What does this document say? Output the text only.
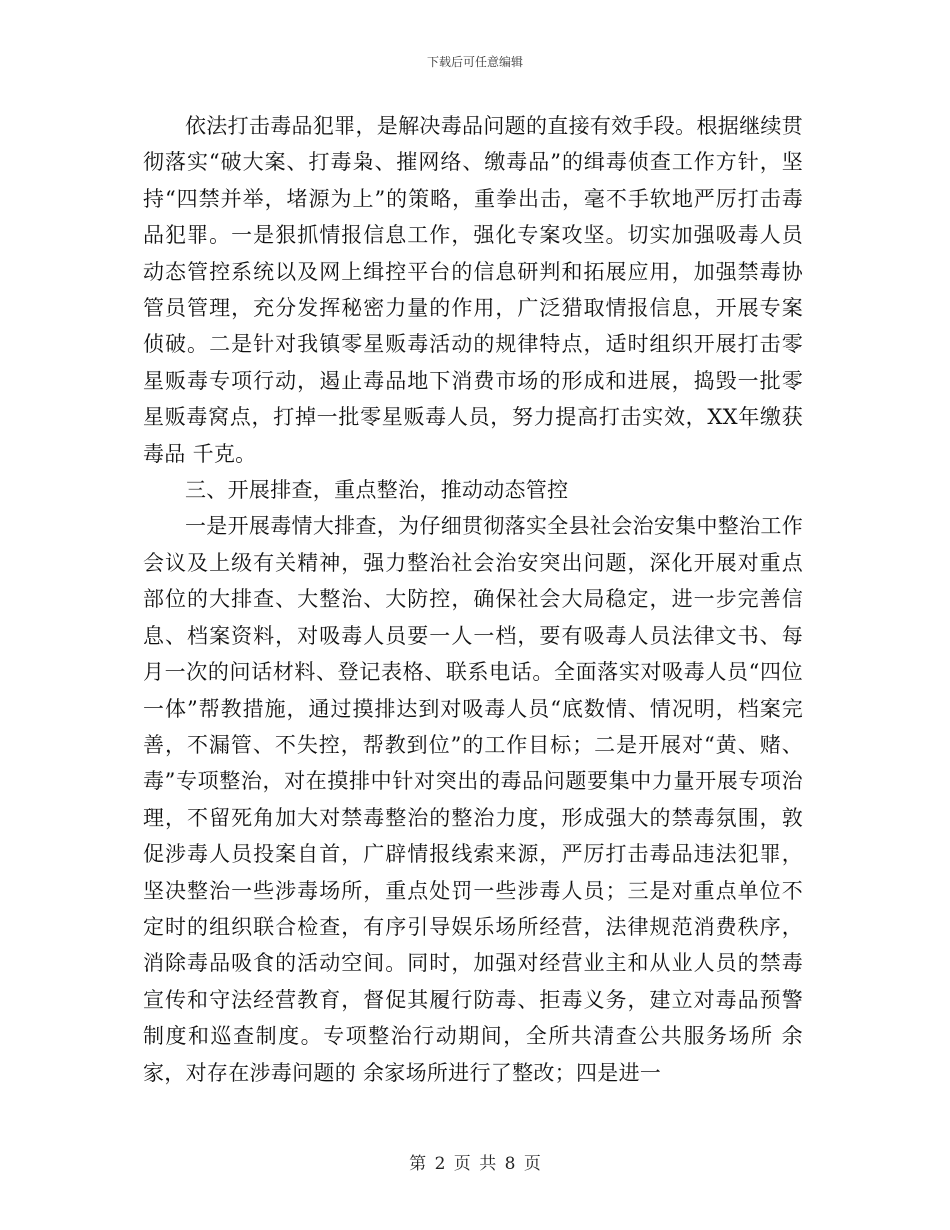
下载后可任意编辑

依法打击毒品犯罪，是解决毒品问题的直接有效手段。根据继续贯彻落实“破大案、打毒枭、摧网络、缴毒品”的缉毒侦查工作方针，坚持“四禁并举，堵源为上”的策略，重拳出击，毫不手软地严厉打击毒品犯罪。一是狠抓情报信息工作，强化专案攻坚。切实加强吸毒人员动态管控系统以及网上缉控平台的信息研判和拓展应用，加强禁毒协管员管理，充分发挥秘密力量的作用，广泛猎取情报信息，开展专案侦破。二是针对我镇零星贩毒活动的规律特点，适时组织开展打击零星贩毒专项行动，遏止毒品地下消费市场的形成和进展，捣毁一批零星贩毒窝点，打掉一批零星贩毒人员，努力提高打击实效，XX年缴获毒品 千克。

三、开展排查，重点整治，推动动态管控

一是开展毒情大排查，为仔细贯彻落实全县社会治安集中整治工作会议及上级有关精神，强力整治社会治安突出问题，深化开展对重点部位的大排查、大整治、大防控，确保社会大局稳定，进一步完善信息、档案资料，对吸毒人员要一人一档，要有吸毒人员法律文书、每月一次的问话材料、登记表格、联系电话。全面落实对吸毒人员“四位一体”帮教措施，通过摸排达到对吸毒人员“底数情、情况明，档案完善，不漏管、不失控，帮教到位”的工作目标；二是开展对“黄、赌、毒”专项整治，对在摸排中针对突出的毒品问题要集中力量开展专项治理，不留死角加大对禁毒整治的整治力度，形成强大的禁毒氛围，敦促涉毒人员投案自首，广辟情报线索来源，严厉打击毒品违法犯罪，坚决整治一些涉毒场所，重点处罚一些涉毒人员；三是对重点单位不定时的组织联合检查，有序引导娱乐场所经营，法律规范消费秩序，消除毒品吸食的活动空间。同时，加强对经营业主和从业人员的禁毒宣传和守法经营教育，督促其履行防毒、拒毒义务，建立对毒品预警制度和巡查制度。专项整治行动期间，全所共清查公共服务场所 余家，对存在涉毒问题的 余家场所进行了整改；四是进一

第 2 页 共 8 页
